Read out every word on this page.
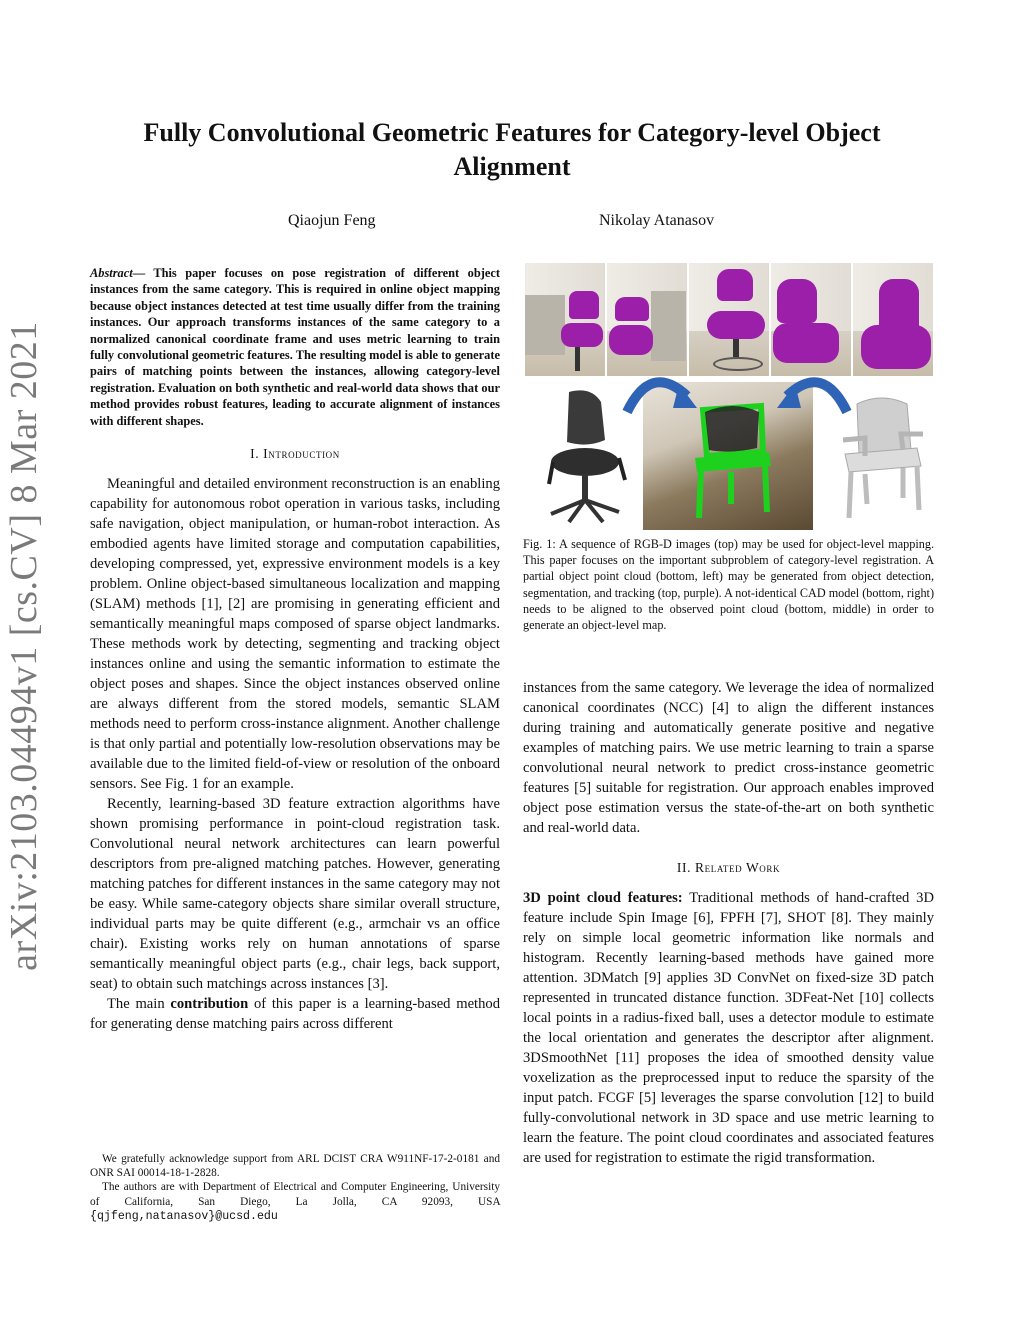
arXiv:2103.04494v1 [cs.CV] 8 Mar 2021
Fully Convolutional Geometric Features for Category-level Object Alignment
Qiaojun Feng	Nikolay Atanasov

Abstract— This paper focuses on pose registration of different object instances from the same category. This is required in online object mapping because object instances detected at test time usually differ from the training instances. Our approach transforms instances of the same category to a normalized canonical coordinate frame and uses metric learning to train fully convolutional geometric features. The resulting model is able to generate pairs of matching points between the instances, allowing category-level registration. Evaluation on both synthetic and real-world data shows that our method provides robust features, leading to accurate alignment of instances with different shapes.

I. Introduction

Meaningful and detailed environment reconstruction is an enabling capability for autonomous robot operation in various tasks, including safe navigation, object manipulation, or human-robot interaction. As embodied agents have limited storage and computation capabilities, developing compressed, yet, expressive environment models is a key problem. Online object-based simultaneous localization and mapping (SLAM) methods [1], [2] are promising in generating efficient and semantically meaningful maps composed of sparse object landmarks. These methods work by detecting, segmenting and tracking object instances online and using the semantic information to estimate the object poses and shapes. Since the object instances observed online are always different from the stored models, semantic SLAM methods need to perform cross-instance alignment. Another challenge is that only partial and potentially low-resolution observations may be available due to the limited field-of-view or resolution of the onboard sensors. See Fig. 1 for an example.

Recently, learning-based 3D feature extraction algorithms have shown promising performance in point-cloud registration task. Convolutional neural network architectures can learn powerful descriptors from pre-aligned matching patches. However, generating matching patches for different instances in the same category may not be easy. While same-category objects share similar overall structure, individual parts may be quite different (e.g., armchair vs an office chair). Existing works rely on human annotations of sparse semantically meaningful object parts (e.g., chair legs, back support, seat) to obtain such matchings across instances [3].

The main contribution of this paper is a learning-based method for generating dense matching pairs across different

We gratefully acknowledge support from ARL DCIST CRA W911NF-17-2-0181 and ONR SAI 00014-18-1-2828.

The authors are with Department of Electrical and Computer Engineering, University of California, San Diego, La Jolla, CA 92093, USA {qjfeng,natanasov}@ucsd.edu

Fig. 1: A sequence of RGB-D images (top) may be used for object-level mapping. This paper focuses on the important subproblem of category-level registration. A partial object point cloud (bottom, left) may be generated from object detection, segmentation, and tracking (top, purple). A not-identical CAD model (bottom, right) needs to be aligned to the observed point cloud (bottom, middle) in order to generate an object-level map.

instances from the same category. We leverage the idea of normalized canonical coordinates (NCC) [4] to align the different instances during training and automatically generate positive and negative examples of matching pairs. We use metric learning to train a sparse convolutional neural network to predict cross-instance geometric features [5] suitable for registration. Our approach enables improved object pose estimation versus the state-of-the-art on both synthetic and real-world data.

II. Related Work

3D point cloud features: Traditional methods of hand-crafted 3D feature include Spin Image [6], FPFH [7], SHOT [8]. They mainly rely on simple local geometric information like normals and histogram. Recently learning-based methods have gained more attention. 3DMatch [9] applies 3D ConvNet on fixed-size 3D patch represented in truncated distance function. 3DFeat-Net [10] collects local points in a radius-fixed ball, uses a detector module to estimate the local orientation and generates the descriptor after alignment. 3DSmoothNet [11] proposes the idea of smoothed density value voxelization as the preprocessed input to reduce the sparsity of the input patch. FCGF [5] leverages the sparse convolution [12] to build fully-convolutional network in 3D space and use metric learning to learn the feature. The point cloud coordinates and associated features are used for registration to estimate the rigid transformation.
